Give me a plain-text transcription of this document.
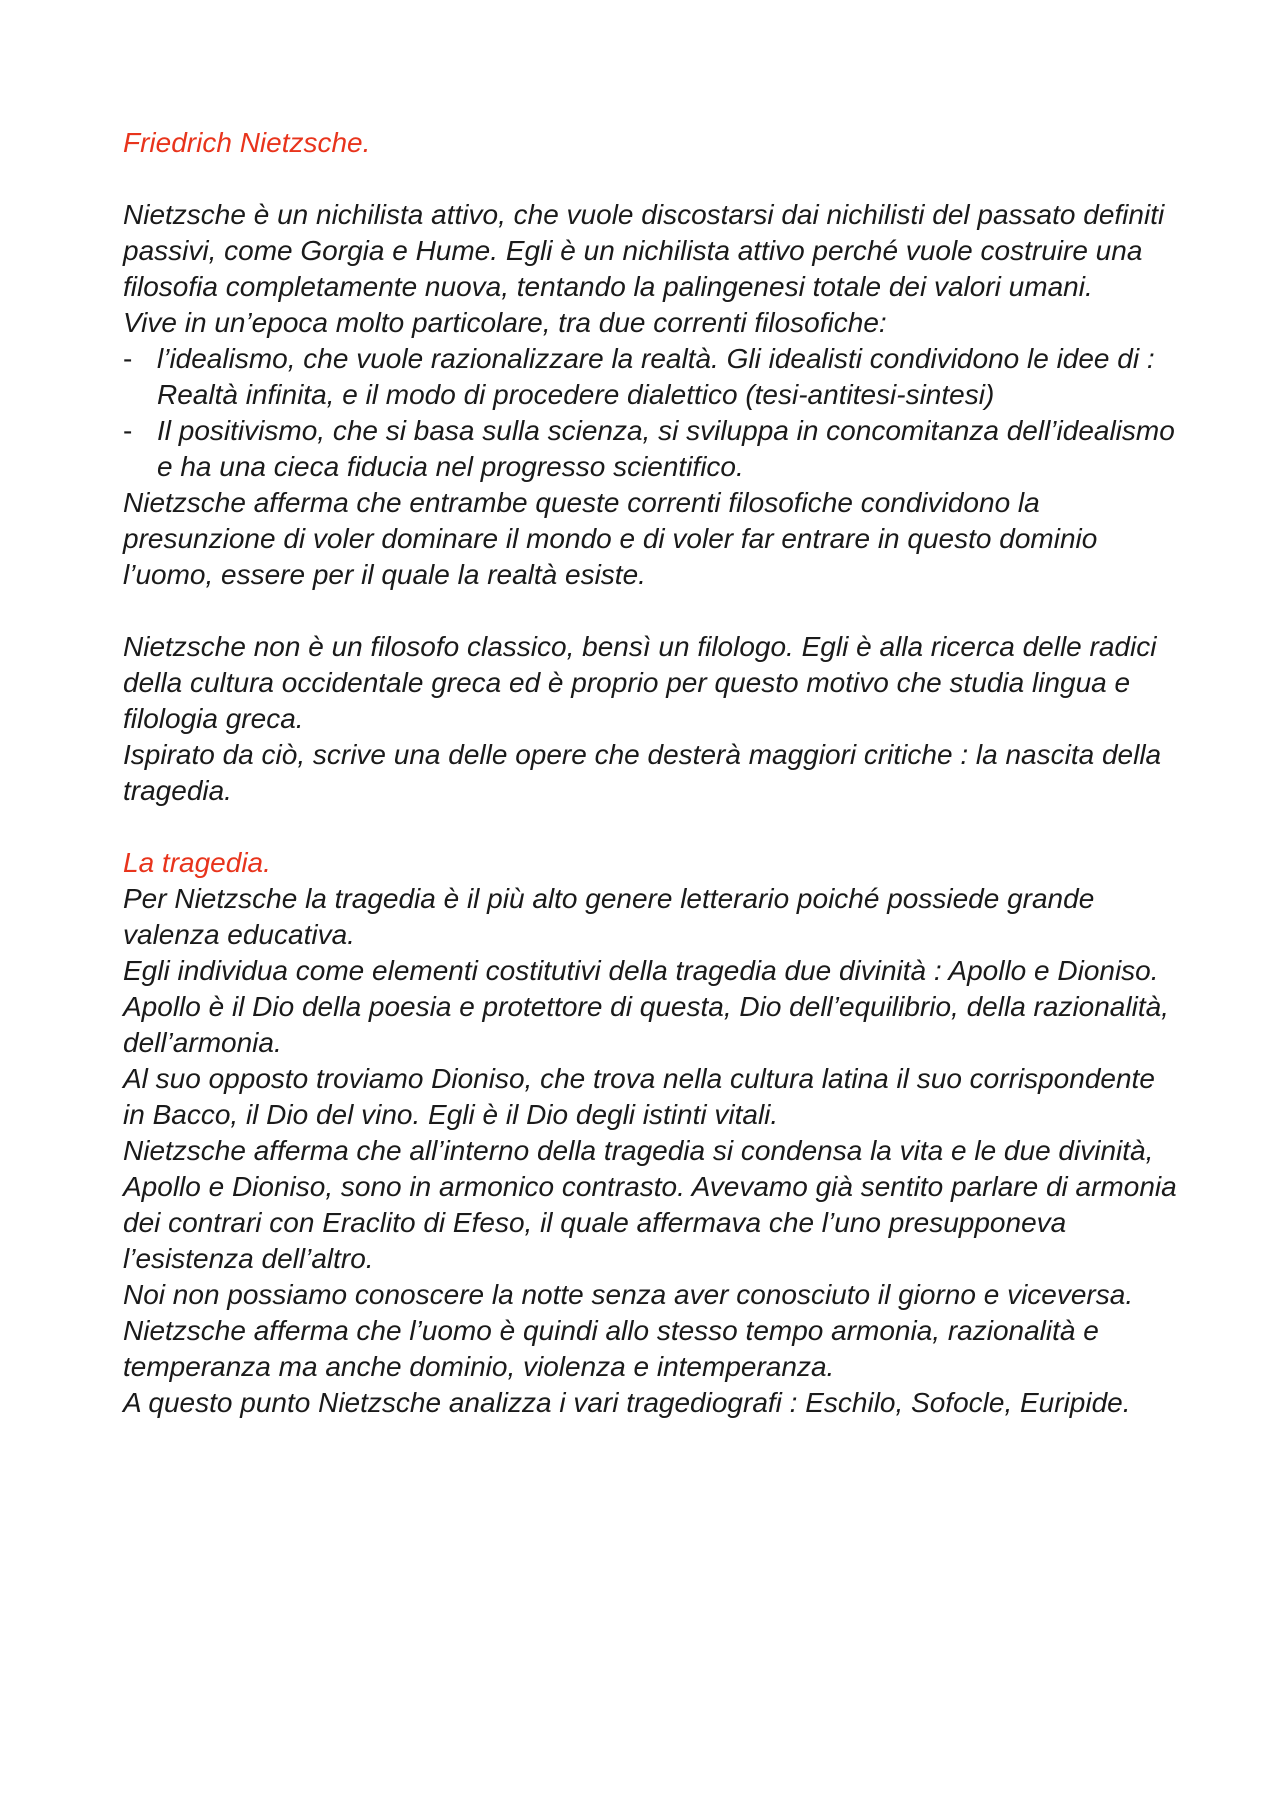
Friedrich Nietzsche.

Nietzsche è un nichilista attivo, che vuole discostarsi dai nichilisti del passato definiti passivi, come Gorgia e Hume. Egli è un nichilista attivo perché vuole costruire una filosofia completamente nuova, tentando la palingenesi totale dei valori umani.

Vive in un’epoca molto particolare, tra due correnti filosofiche:

- l’idealismo, che vuole razionalizzare la realtà. Gli idealisti condividono le idee di : Realtà infinita, e il modo di procedere dialettico (tesi-antitesi-sintesi)
- Il positivismo, che si basa sulla scienza, si sviluppa in concomitanza dell’idealismo e ha una cieca fiducia nel progresso scientifico.

Nietzsche afferma che entrambe queste correnti filosofiche condividono la presunzione di voler dominare il mondo e di voler far entrare in questo dominio l’uomo, essere per il quale la realtà esiste.

Nietzsche non è un filosofo classico, bensì un filologo. Egli è alla ricerca delle radici della cultura occidentale greca ed è proprio per questo motivo che studia lingua e filologia greca.

Ispirato da ciò, scrive una delle opere che desterà maggiori critiche : la nascita della tragedia.

La tragedia.

Per Nietzsche la tragedia è il più alto genere letterario poiché possiede grande valenza educativa.

Egli individua come elementi costitutivi della tragedia due divinità : Apollo e Dioniso.

Apollo è il Dio della poesia e protettore di questa, Dio dell’equilibrio, della razionalità, dell’armonia.

Al suo opposto troviamo Dioniso, che trova nella cultura latina il suo corrispondente in Bacco, il Dio del vino. Egli è il Dio degli istinti vitali.

Nietzsche afferma che all’interno della tragedia si condensa la vita e le due divinità, Apollo e Dioniso, sono in armonico contrasto. Avevamo già sentito parlare di armonia dei contrari con Eraclito di Efeso, il quale affermava che l’uno presupponeva l’esistenza dell’altro.

Noi non possiamo conoscere la notte senza aver conosciuto il giorno e viceversa.

Nietzsche afferma che l’uomo è quindi allo stesso tempo armonia, razionalità e temperanza ma anche dominio, violenza e intemperanza.

A questo punto Nietzsche analizza i vari tragediografi : Eschilo, Sofocle, Euripide.
